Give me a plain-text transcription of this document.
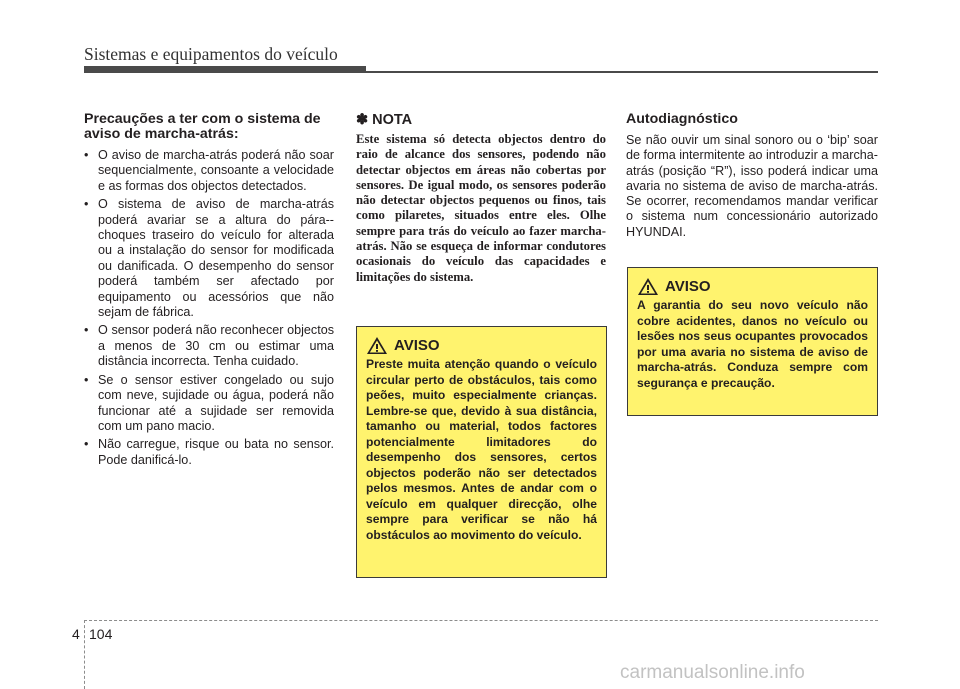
Sistemas e equipamentos do veículo
Precauções a ter com o sistema de aviso de marcha-atrás:
• O aviso de marcha-atrás poderá não soar sequencialmente, consoante a velocidade e as formas dos objectos detectados.
• O sistema de aviso de marcha-atrás poderá avariar se a altura do pára--choques traseiro do veículo for alterada ou a instalação do sensor for modificada ou danificada. O desempenho do sensor poderá também ser afectado por equipamento ou acessórios que não sejam de fábrica.
• O sensor poderá não reconhecer objectos a menos de 30 cm ou estimar uma distância incorrecta. Tenha cuidado.
• Se o sensor estiver congelado ou sujo com neve, sujidade ou água, poderá não funcionar até a sujidade ser removida com um pano macio.
• Não carregue, risque ou bata no sensor. Pode danificá-lo.
✽ NOTA

Este sistema só detecta objectos dentro do raio de alcance dos sensores, podendo não detectar objectos em áreas não cobertas por sensores. De igual modo, os sensores poderão não detectar objectos pequenos ou finos, tais como pilaretes, situados entre eles. Olhe sempre para trás do veículo ao fazer marcha-atrás. Não se esqueça de informar condutores ocasionais do veículo das capacidades e limitações do sistema.

AVISO

Preste muita atenção quando o veículo circular perto de obstáculos, tais como peões, muito especialmente crianças. Lembre-se que, devido à sua distância, tamanho ou material, todos factores potencialmente limitadores do desempenho dos sensores, certos objectos poderão não ser detectados pelos mesmos. Antes de andar com o veículo em qualquer direcção, olhe sempre para verificar se não há obstáculos ao movimento do veículo.

Autodiagnóstico

Se não ouvir um sinal sonoro ou o ‘bip’ soar de forma intermitente ao introduzir a marcha-atrás (posição “R”), isso poderá indicar uma avaria no sistema de aviso de marcha-atrás. Se ocorrer, recomendamos mandar verificar o sistema num concessionário autorizado HYUNDAI.

AVISO

A garantia do seu novo veículo não cobre acidentes, danos no veículo ou lesões nos seus ocupantes provocados por uma avaria no sistema de aviso de marcha-atrás. Conduza sempre com segurança e precaução.

4 104
carmanualsonline.info
